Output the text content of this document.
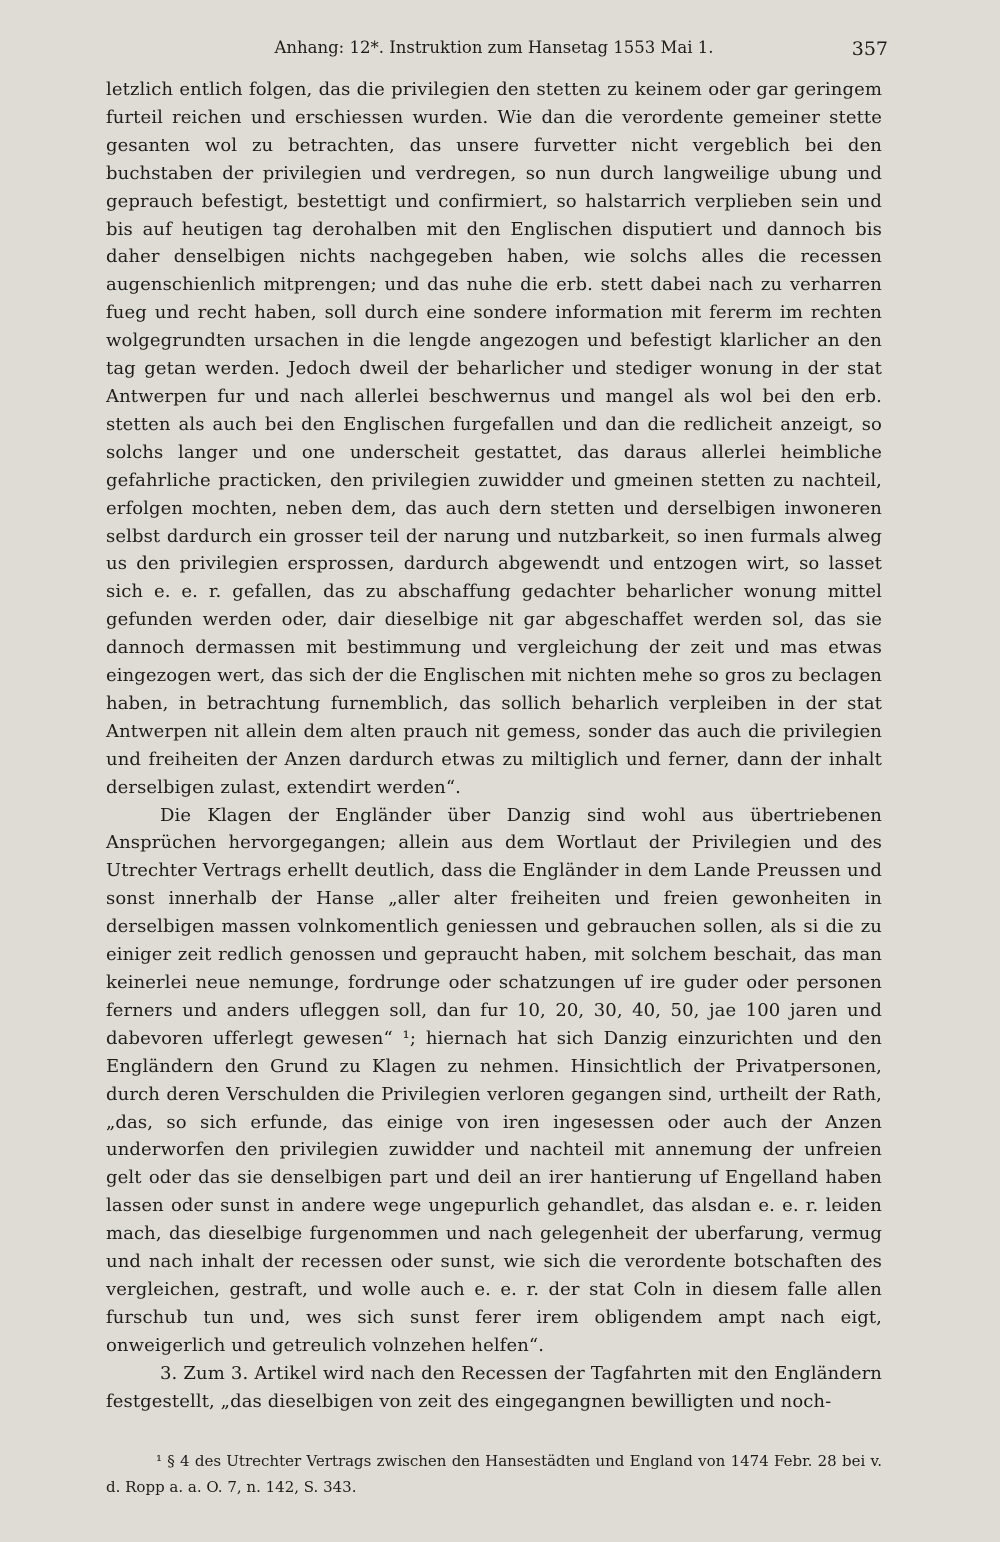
Anhang: 12*. Instruktion zum Hansetag 1553 Mai 1.	357

letzlich entlich folgen, das die privilegien den stetten zu keinem oder gar geringem furteil reichen und erschiessen wurden. Wie dan die verordente gemeiner stette gesanten wol zu betrachten, das unsere furvetter nicht vergeblich bei den buchstaben der privilegien und verdregen, so nun durch langweilige ubung und geprauch befestigt, bestettigt und confirmiert, so halstarrich verplieben sein und bis auf heutigen tag derohalben mit den Englischen disputiert und dannoch bis daher denselbigen nichts nachgegeben haben, wie solchs alles die recessen augenschienlich mitprengen; und das nuhe die erb. stett dabei nach zu verharren fueg und recht haben, soll durch eine sondere information mit fererm im rechten wolgegrundten ursachen in die lengde angezogen und befestigt klarlicher an den tag getan werden. Jedoch dweil der beharlicher und stediger wonung in der stat Antwerpen fur und nach allerlei beschwernus und mangel als wol bei den erb. stetten als auch bei den Englischen furgefallen und dan die redlicheit anzeigt, so solchs langer und one underscheit gestattet, das daraus allerlei heimbliche gefahrliche practicken, den privilegien zuwidder und gmeinen stetten zu nachteil, erfolgen mochten, neben dem, das auch dern stetten und derselbigen inwoneren selbst dardurch ein grosser teil der narung und nutzbarkeit, so inen furmals alweg us den privilegien ersprossen, dardurch abgewendt und entzogen wirt, so lasset sich e. e. r. gefallen, das zu abschaffung gedachter beharlicher wonung mittel gefunden werden oder, dair dieselbige nit gar abgeschaffet werden sol, das sie dannoch dermassen mit bestimmung und vergleichung der zeit und mas etwas eingezogen wert, das sich der die Englischen mit nichten mehe so gros zu beclagen haben, in betrachtung furnemblich, das sollich beharlich verpleiben in der stat Antwerpen nit allein dem alten prauch nit gemess, sonder das auch die privilegien und freiheiten der Anzen dardurch etwas zu miltiglich und ferner, dann der inhalt derselbigen zulast, extendirt werden“.

Die Klagen der Engländer über Danzig sind wohl aus übertriebenen Ansprüchen hervorgegangen; allein aus dem Wortlaut der Privilegien und des Utrechter Vertrags erhellt deutlich, dass die Engländer in dem Lande Preussen und sonst innerhalb der Hanse „aller alter freiheiten und freien gewonheiten in derselbigen massen volnkomentlich geniessen und gebrauchen sollen, als si die zu einiger zeit redlich genossen und gepraucht haben, mit solchem beschait, das man keinerlei neue nemunge, fordrunge oder schatzungen uf ire guder oder personen ferners und anders ufleggen soll, dan fur 10, 20, 30, 40, 50, jae 100 jaren und dabevoren ufferlegt gewesen“ ¹; hiernach hat sich Danzig einzurichten und den Engländern den Grund zu Klagen zu nehmen. Hinsichtlich der Privatpersonen, durch deren Verschulden die Privilegien verloren gegangen sind, urtheilt der Rath, „das, so sich erfunde, das einige von iren ingesessen oder auch der Anzen underworfen den privilegien zuwidder und nachteil mit annemung der unfreien gelt oder das sie denselbigen part und deil an irer hantierung uf Engelland haben lassen oder sunst in andere wege ungepurlich gehandlet, das alsdan e. e. r. leiden mach, das dieselbige furgenommen und nach gelegenheit der uberfarung, vermug und nach inhalt der recessen oder sunst, wie sich die verordente botschaften des vergleichen, gestraft, und wolle auch e. e. r. der stat Coln in diesem falle allen furschub tun und, wes sich sunst ferer irem obligendem ampt nach eigt, onweigerlich und getreulich volnzehen helfen“.

3. Zum 3. Artikel wird nach den Recessen der Tagfahrten mit den Engländern festgestellt, „das dieselbigen von zeit des eingegangnen bewilligten und noch-

¹ § 4 des Utrechter Vertrags zwischen den Hansestädten und England von 1474 Febr. 28 bei v. d. Ropp a. a. O. 7, n. 142, S. 343.
